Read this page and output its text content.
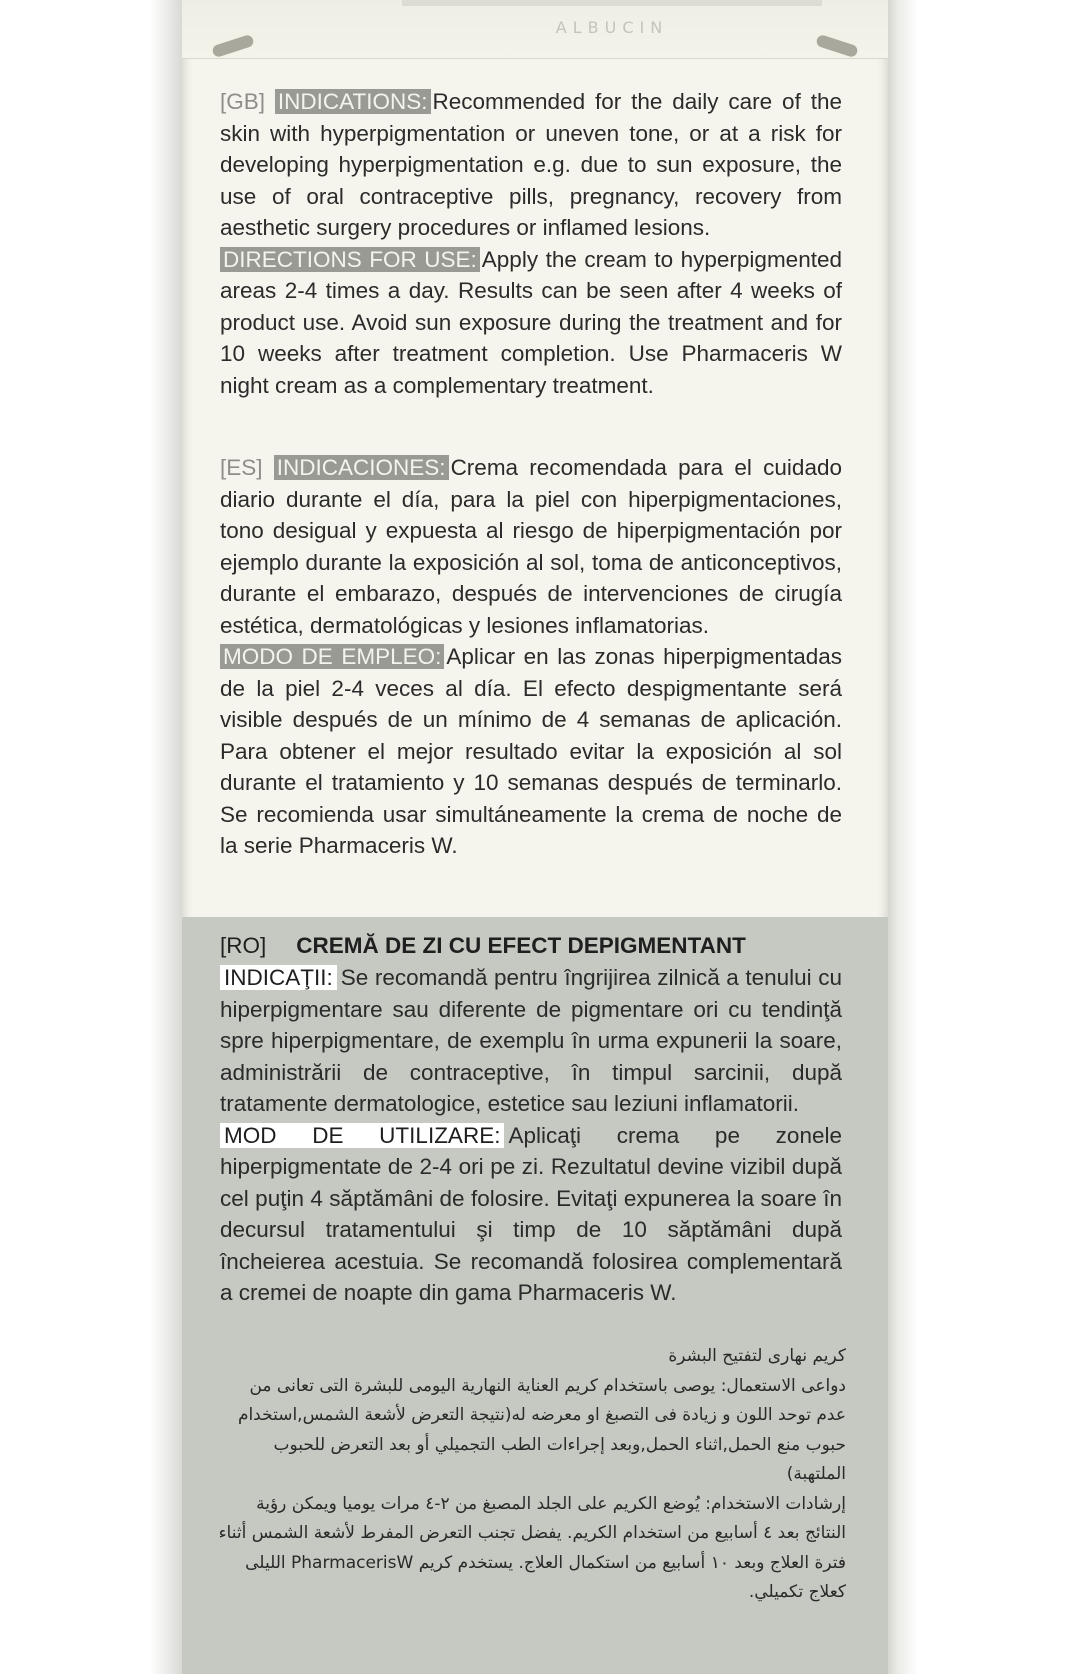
ALBUCIN

[GB] INDICATIONS: Recommended for the daily care of the skin with hyperpigmentation or uneven tone, or at a risk for developing hyperpigmentation e.g. due to sun exposure, the use of oral contraceptive pills, pregnancy, recovery from aesthetic surgery procedures or inflamed lesions.

DIRECTIONS FOR USE: Apply the cream to hyperpigmented areas 2-4 times a day. Results can be seen after 4 weeks of product use. Avoid sun exposure during the treatment and for 10 weeks after treatment completion. Use Pharmaceris W night cream as a complementary treatment.

[ES] INDICACIONES: Crema recomendada para el cuidado diario durante el día, para la piel con hiperpigmentaciones, tono desigual y expuesta al riesgo de hiperpigmentación por ejemplo durante la exposición al sol, toma de anticonceptivos, durante el embarazo, después de intervenciones de cirugía estética, dermatológicas y lesiones inflamatorias.

MODO DE EMPLEO: Aplicar en las zonas hiperpigmentadas de la piel 2-4 veces al día. El efecto despigmentante será visible después de un mínimo de 4 semanas de aplicación. Para obtener el mejor resultado evitar la exposición al sol durante el tratamiento y 10 semanas después de terminarlo. Se recomienda usar simultáneamente la crema de noche de la serie Pharmaceris W.

[RO] CREMĂ DE ZI CU EFECT DEPIGMENTANT

INDICAŢII: Se recomandă pentru îngrijirea zilnică a tenului cu hiperpigmentare sau diferente de pigmentare ori cu tendinţă spre hiperpigmentare, de exemplu în urma expunerii la soare, administrării de contraceptive, în timpul sarcinii, după tratamente dermatologice, estetice sau leziuni inflamatorii.

MOD DE UTILIZARE: Aplicaţi crema pe zonele hiperpigmentate de 2-4 ori pe zi. Rezultatul devine vizibil după cel puţin 4 săptămâni de folosire. Evitaţi expunerea la soare în decursul tratamentului şi timp de 10 săptămâni după încheierea acestuia. Se recomandă folosirea complementară a cremei de noapte din gama Pharmaceris W.

كريم نهارى لتفتيح البشرة

دواعى الاستعمال: يوصى باستخدام كريم العناية النهارية اليومى للبشرة التى تعانى من عدم توحد اللون و زيادة فى التصبغ او معرضه له(نتيجة التعرض لأشعة الشمس,استخدام حبوب منع الحمل,اثناء الحمل,وبعد إجراءات الطب التجميلي أو بعد التعرض للحبوب الملتهبة)

إرشادات الاستخدام: يُوضع الكريم على الجلد المصبغ من ٢-٤ مرات يوميا ويمكن رؤية النتائج بعد ٤ أسابيع من استخدام الكريم. يفضل تجنب التعرض المفرط لأشعة الشمس أثناء فترة العلاج وبعد ١٠ أسابيع من استكمال العلاج. يستخدم كريم PharmacerisW الليلى كعلاج تكميلي.
